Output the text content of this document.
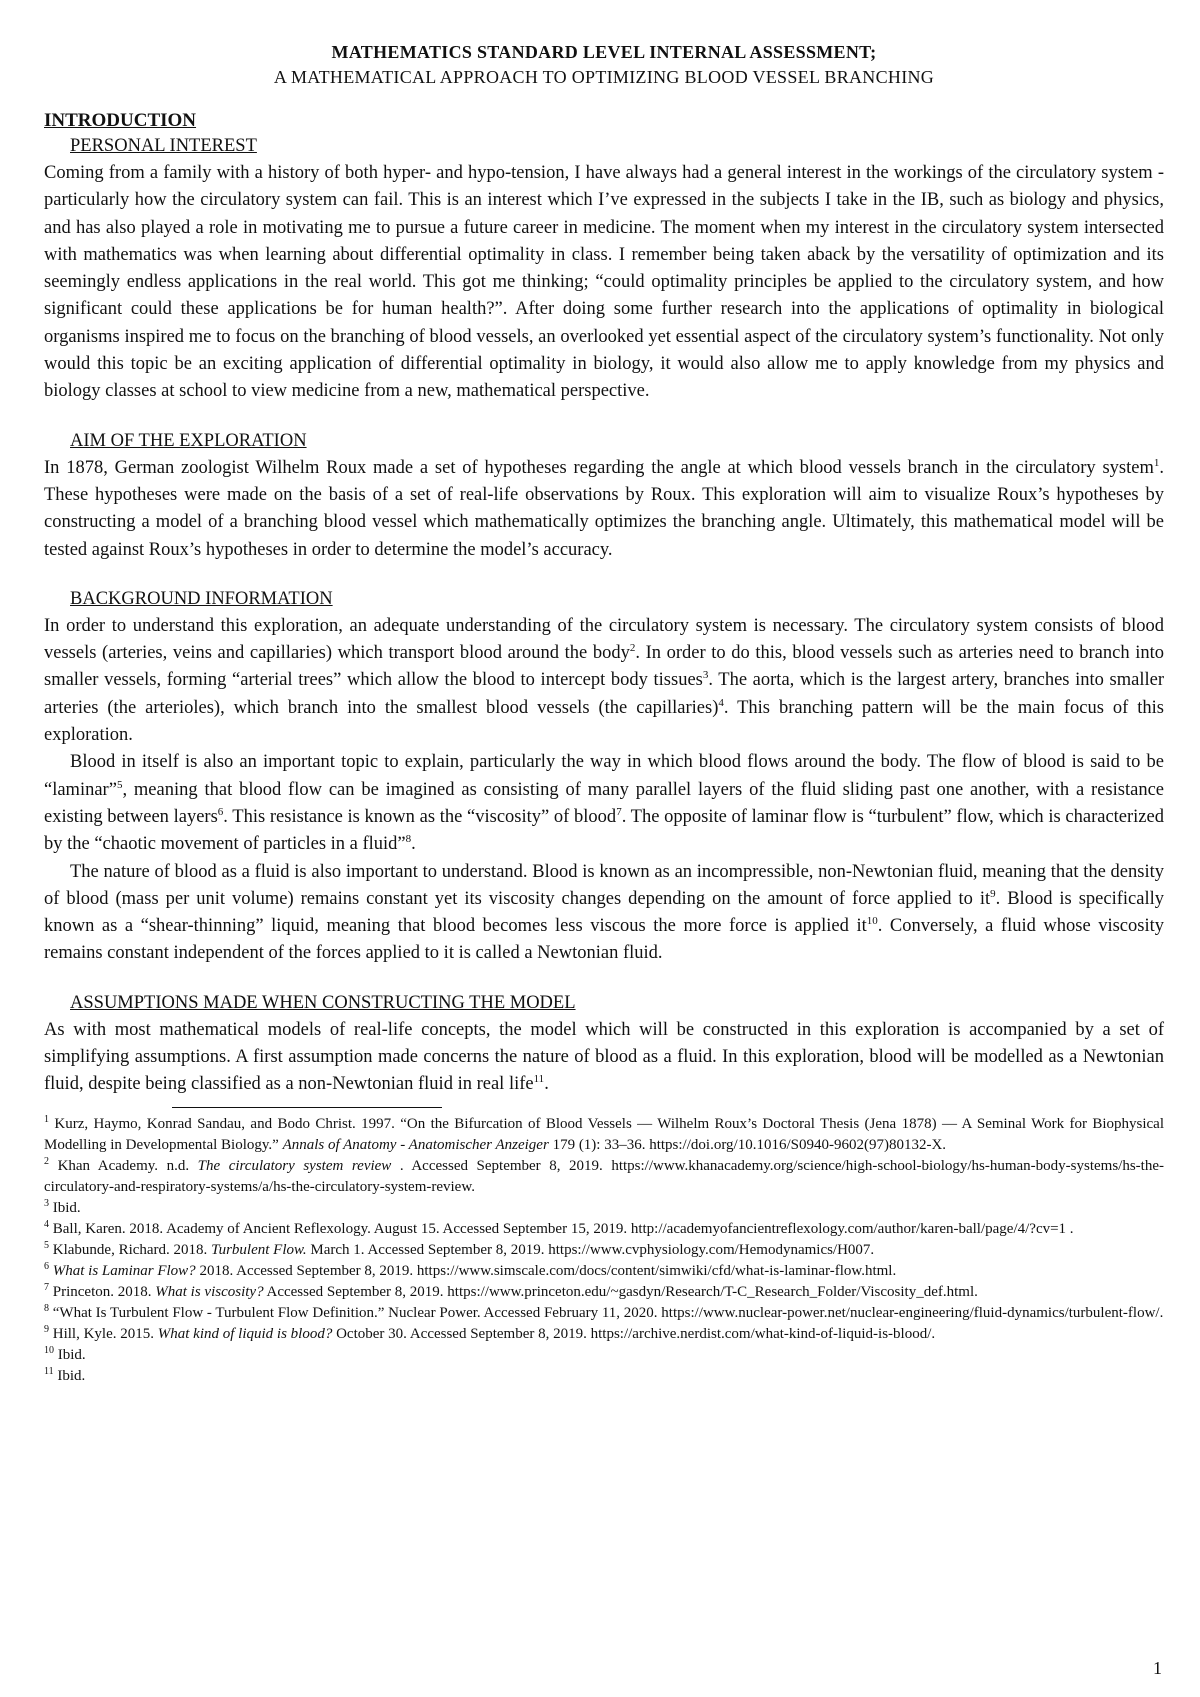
MATHEMATICS STANDARD LEVEL INTERNAL ASSESSMENT;
A MATHEMATICAL APPROACH TO OPTIMIZING BLOOD VESSEL BRANCHING
INTRODUCTION
PERSONAL INTEREST

Coming from a family with a history of both hyper- and hypo-tension, I have always had a general interest in the workings of the circulatory system - particularly how the circulatory system can fail. This is an interest which I’ve expressed in the subjects I take in the IB, such as biology and physics, and has also played a role in motivating me to pursue a future career in medicine. The moment when my interest in the circulatory system intersected with mathematics was when learning about differential optimality in class. I remember being taken aback by the versatility of optimization and its seemingly endless applications in the real world. This got me thinking; “could optimality principles be applied to the circulatory system, and how significant could these applications be for human health?”. After doing some further research into the applications of optimality in biological organisms inspired me to focus on the branching of blood vessels, an overlooked yet essential aspect of the circulatory system’s functionality. Not only would this topic be an exciting application of differential optimality in biology, it would also allow me to apply knowledge from my physics and biology classes at school to view medicine from a new, mathematical perspective.

AIM OF THE EXPLORATION

In 1878, German zoologist Wilhelm Roux made a set of hypotheses regarding the angle at which blood vessels branch in the circulatory system$^1$. These hypotheses were made on the basis of a set of real-life observations by Roux. This exploration will aim to visualize Roux’s hypotheses by constructing a model of a branching blood vessel which mathematically optimizes the branching angle. Ultimately, this mathematical model will be tested against Roux’s hypotheses in order to determine the model’s accuracy.

BACKGROUND INFORMATION

In order to understand this exploration, an adequate understanding of the circulatory system is necessary. The circulatory system consists of blood vessels (arteries, veins and capillaries) which transport blood around the body$^2$. In order to do this, blood vessels such as arteries need to branch into smaller vessels, forming “arterial trees” which allow the blood to intercept body tissues$^3$. The aorta, which is the largest artery, branches into smaller arteries (the arterioles), which branch into the smallest blood vessels (the capillaries)$^4$. This branching pattern will be the main focus of this exploration.

Blood in itself is also an important topic to explain, particularly the way in which blood flows around the body. The flow of blood is said to be “laminar”$^5$, meaning that blood flow can be imagined as consisting of many parallel layers of the fluid sliding past one another, with a resistance existing between layers$^6$. This resistance is known as the “viscosity” of blood$^7$. The opposite of laminar flow is “turbulent” flow, which is characterized by the “chaotic movement of particles in a fluid”$^8$.

The nature of blood as a fluid is also important to understand. Blood is known as an incompressible, non-Newtonian fluid, meaning that the density of blood (mass per unit volume) remains constant yet its viscosity changes depending on the amount of force applied to $it^9$. Blood is specifically known as a “shear-thinning” liquid, meaning that blood becomes less viscous the more force is applied $it^{10}$. Conversely, a fluid whose viscosity remains constant independent of the forces applied to it is called a Newtonian fluid.

ASSUMPTIONS MADE WHEN CONSTRUCTING THE MODEL

As with most mathematical models of real-life concepts, the model which will be constructed in this exploration is accompanied by a set of simplifying assumptions. A first assumption made concerns the nature of blood as a fluid. In this exploration, blood will be modelled as a Newtonian fluid, despite being classified as a non-Newtonian fluid in real life$^{11}$.

$^1$ Kurz, Haymo, Konrad Sandau, and Bodo Christ. 1997. “On the Bifurcation of Blood Vessels — Wilhelm Roux’s Doctoral Thesis (Jena 1878) — A Seminal Work for Biophysical Modelling in Developmental Biology.” Annals of Anatomy - Anatomischer Anzeiger 179 (1): 33–36. https://doi.org/10.1016/S0940-9602(97)80132-X.

$^2$ Khan Academy. n.d. The circulatory system review . Accessed September 8, 2019. https://www.khanacademy.org/science/high-school-biology/hs-human-body-systems/hs-the-circulatory-and-respiratory-systems/a/hs-the-circulatory-system-review.

$^3$ Ibid.

$^4$ Ball, Karen. 2018. Academy of Ancient Reflexology. August 15. Accessed September 15, 2019. http://academyofancientreflexology.com/author/karen-ball/page/4/?cv=1 .

$^5$ Klabunde, Richard. 2018. Turbulent Flow. March 1. Accessed September 8, 2019. https://www.cvphysiology.com/Hemodynamics/H007.

$^6$ What is Laminar Flow? 2018. Accessed September 8, 2019. https://www.simscale.com/docs/content/simwiki/cfd/what-is-laminar-flow.html.

$^7$ Princeton. 2018. What is viscosity? Accessed September 8, 2019. https://www.princeton.edu/~gasdyn/Research/T-C_Research_Folder/Viscosity_def.html.

$^8$ “What Is Turbulent Flow - Turbulent Flow Definition.” Nuclear Power. Accessed February 11, 2020. https://www.nuclear-power.net/nuclear-engineering/fluid-dynamics/turbulent-flow/.

$^9$ Hill, Kyle. 2015. What kind of liquid is blood? October 30. Accessed September 8, 2019. https://archive.nerdist.com/what-kind-of-liquid-is-blood/.

$^{10}$ Ibid.

$^{11}$ Ibid.

1
